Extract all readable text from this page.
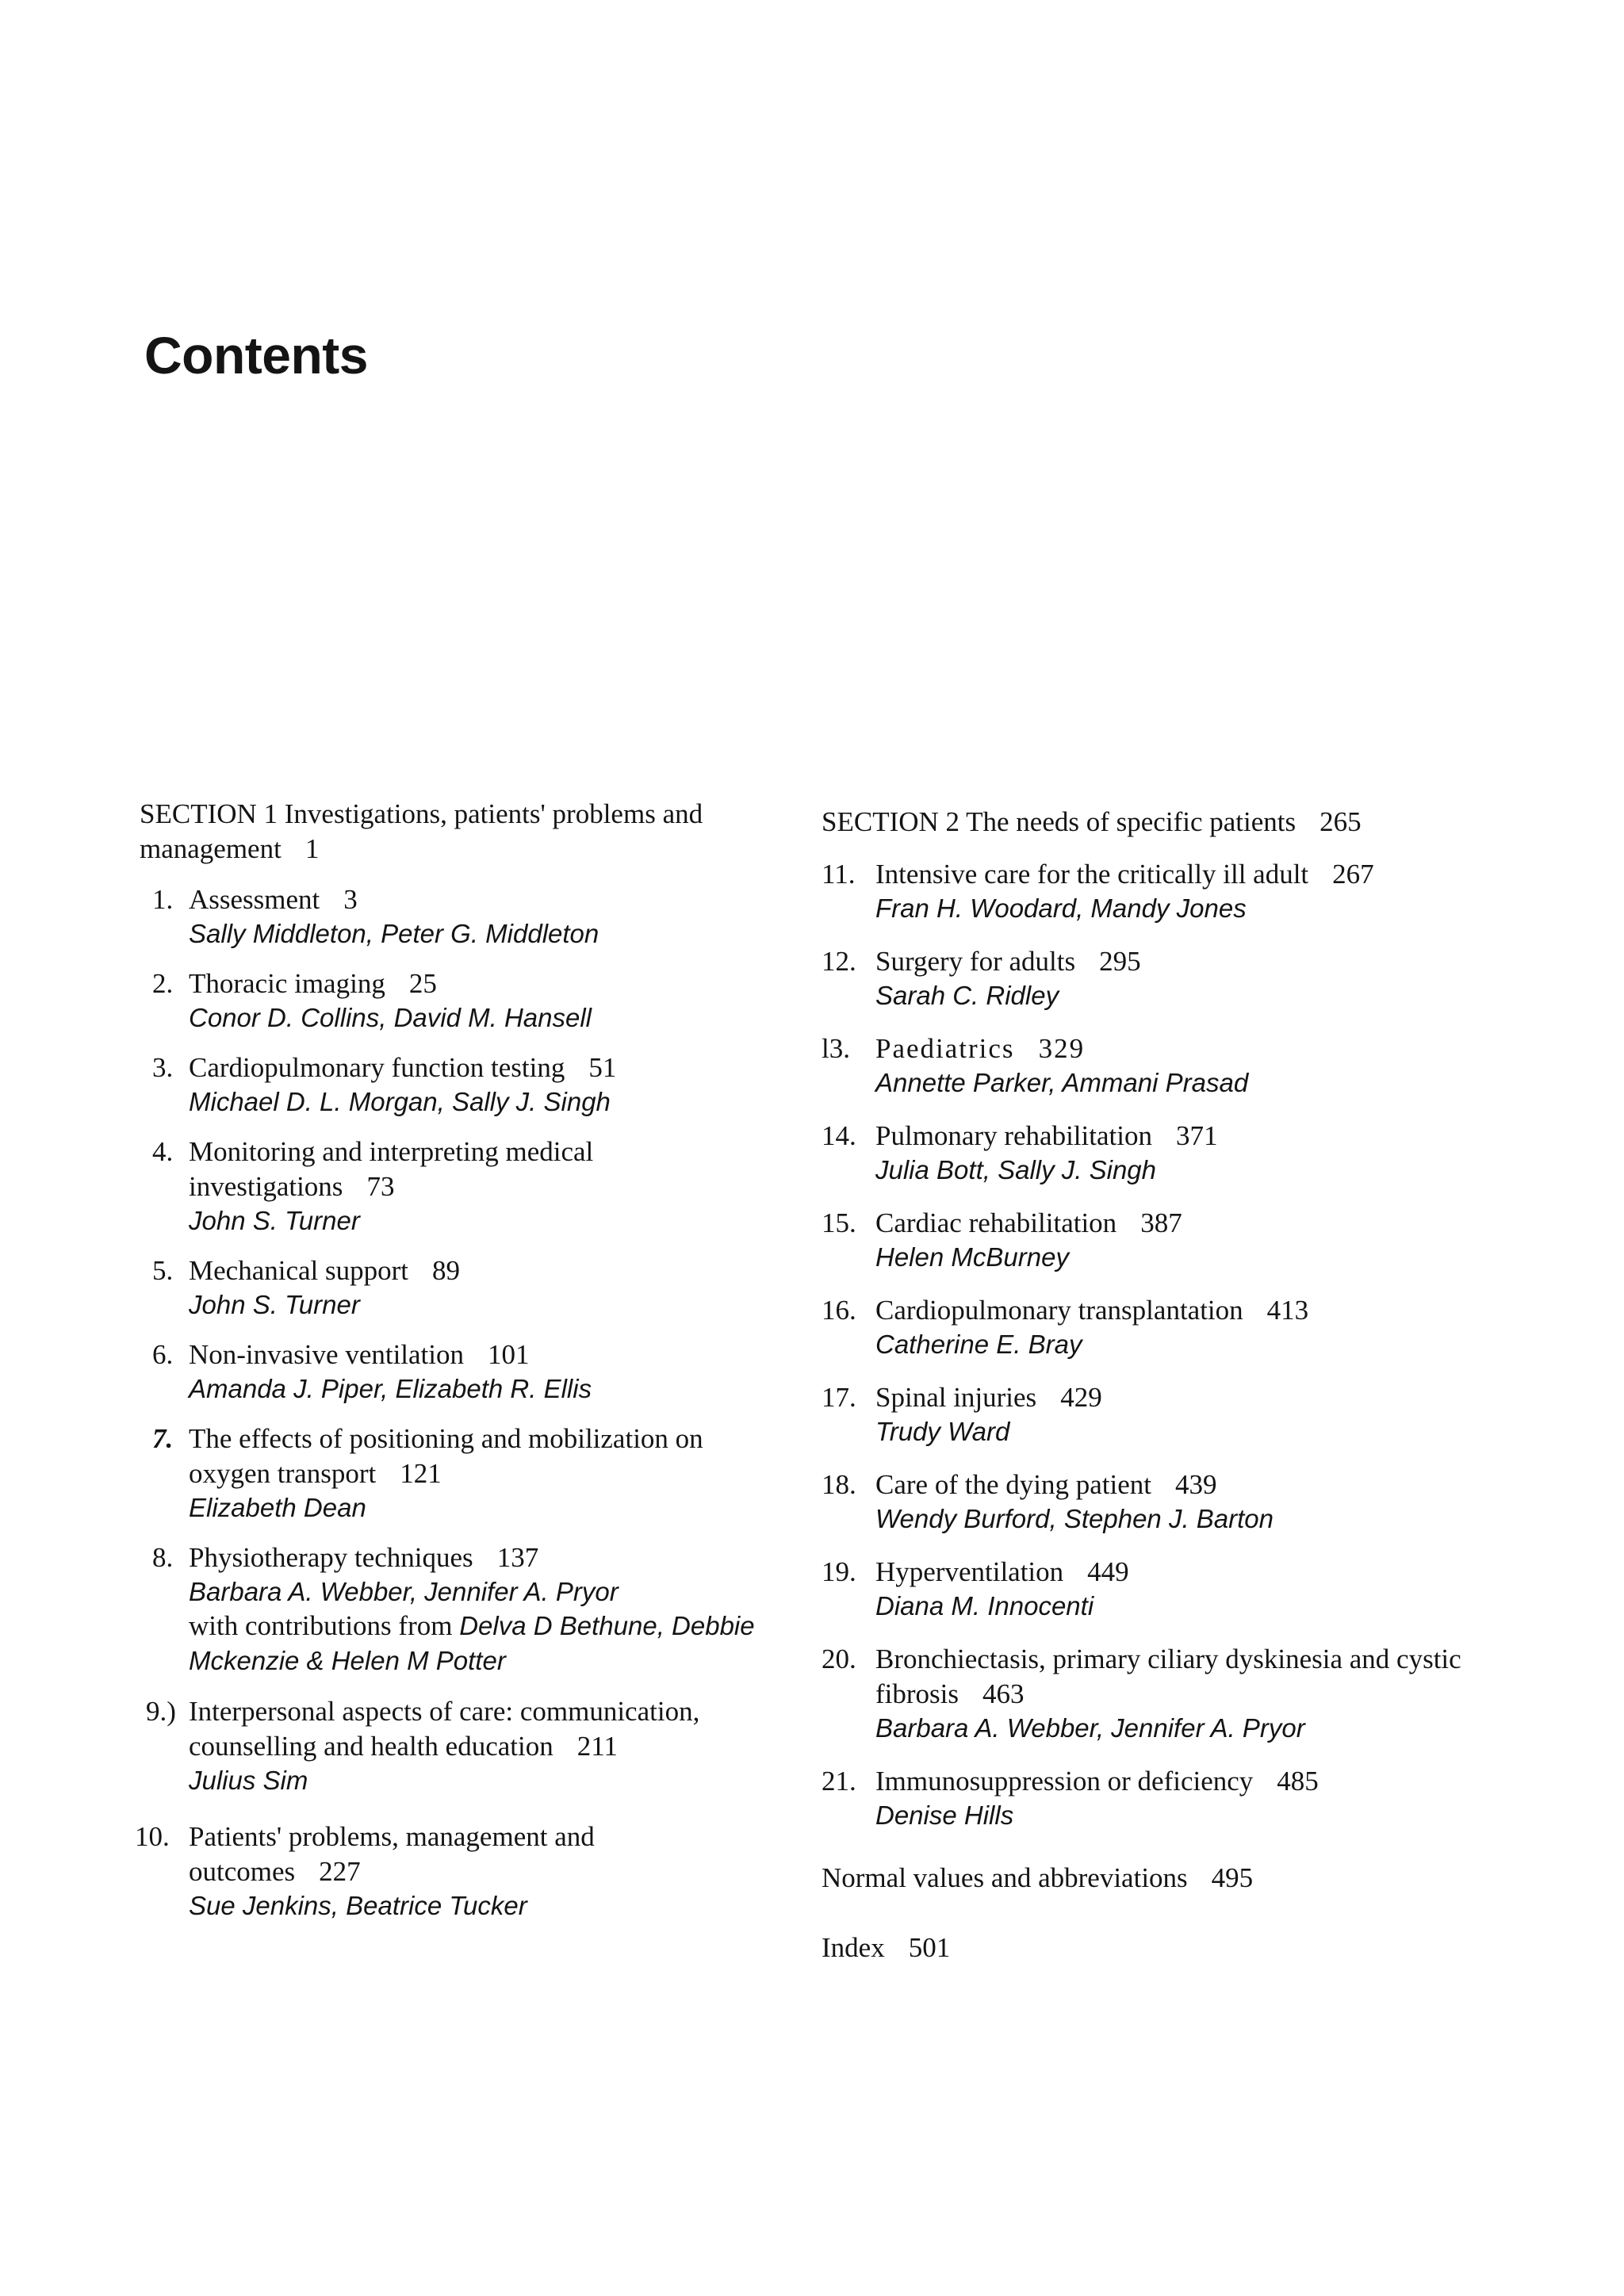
Contents
SECTION 1 Investigations, patients' problems and management 1
1. Assessment 3
Sally Middleton, Peter G. Middleton
2. Thoracic imaging 25
Conor D. Collins, David M. Hansell
3. Cardiopulmonary function testing 51
Michael D. L. Morgan, Sally J. Singh
4. Monitoring and interpreting medical investigations 73
John S. Turner
5. Mechanical support 89
John S. Turner
6. Non-invasive ventilation 101
Amanda J. Piper, Elizabeth R. Ellis
7. The effects of positioning and mobilization on oxygen transport 121
Elizabeth Dean
8. Physiotherapy techniques 137
Barbara A. Webber, Jennifer A. Pryor
with contributions from Delva D Bethune, Debbie Mckenzie & Helen M Potter
9.) Interpersonal aspects of care: communication, counselling and health education 211
Julius Sim
10. Patients' problems, management and outcomes 227
Sue Jenkins, Beatrice Tucker
SECTION 2 The needs of specific patients 265
11. Intensive care for the critically ill adult 267
Fran H. Woodard, Mandy Jones
12. Surgery for adults 295
Sarah C. Ridley
l3. Paediatrics 329
Annette Parker, Ammani Prasad
14. Pulmonary rehabilitation 371
Julia Bott, Sally J. Singh
15. Cardiac rehabilitation 387
Helen McBurney
16. Cardiopulmonary transplantation 413
Catherine E. Bray
17. Spinal injuries 429
Trudy Ward
18. Care of the dying patient 439
Wendy Burford, Stephen J. Barton
19. Hyperventilation 449
Diana M. Innocenti
20. Bronchiectasis, primary ciliary dyskinesia and cystic fibrosis 463
Barbara A. Webber, Jennifer A. Pryor
21. Immunosuppression or deficiency 485
Denise Hills
Normal values and abbreviations 495
Index 501
